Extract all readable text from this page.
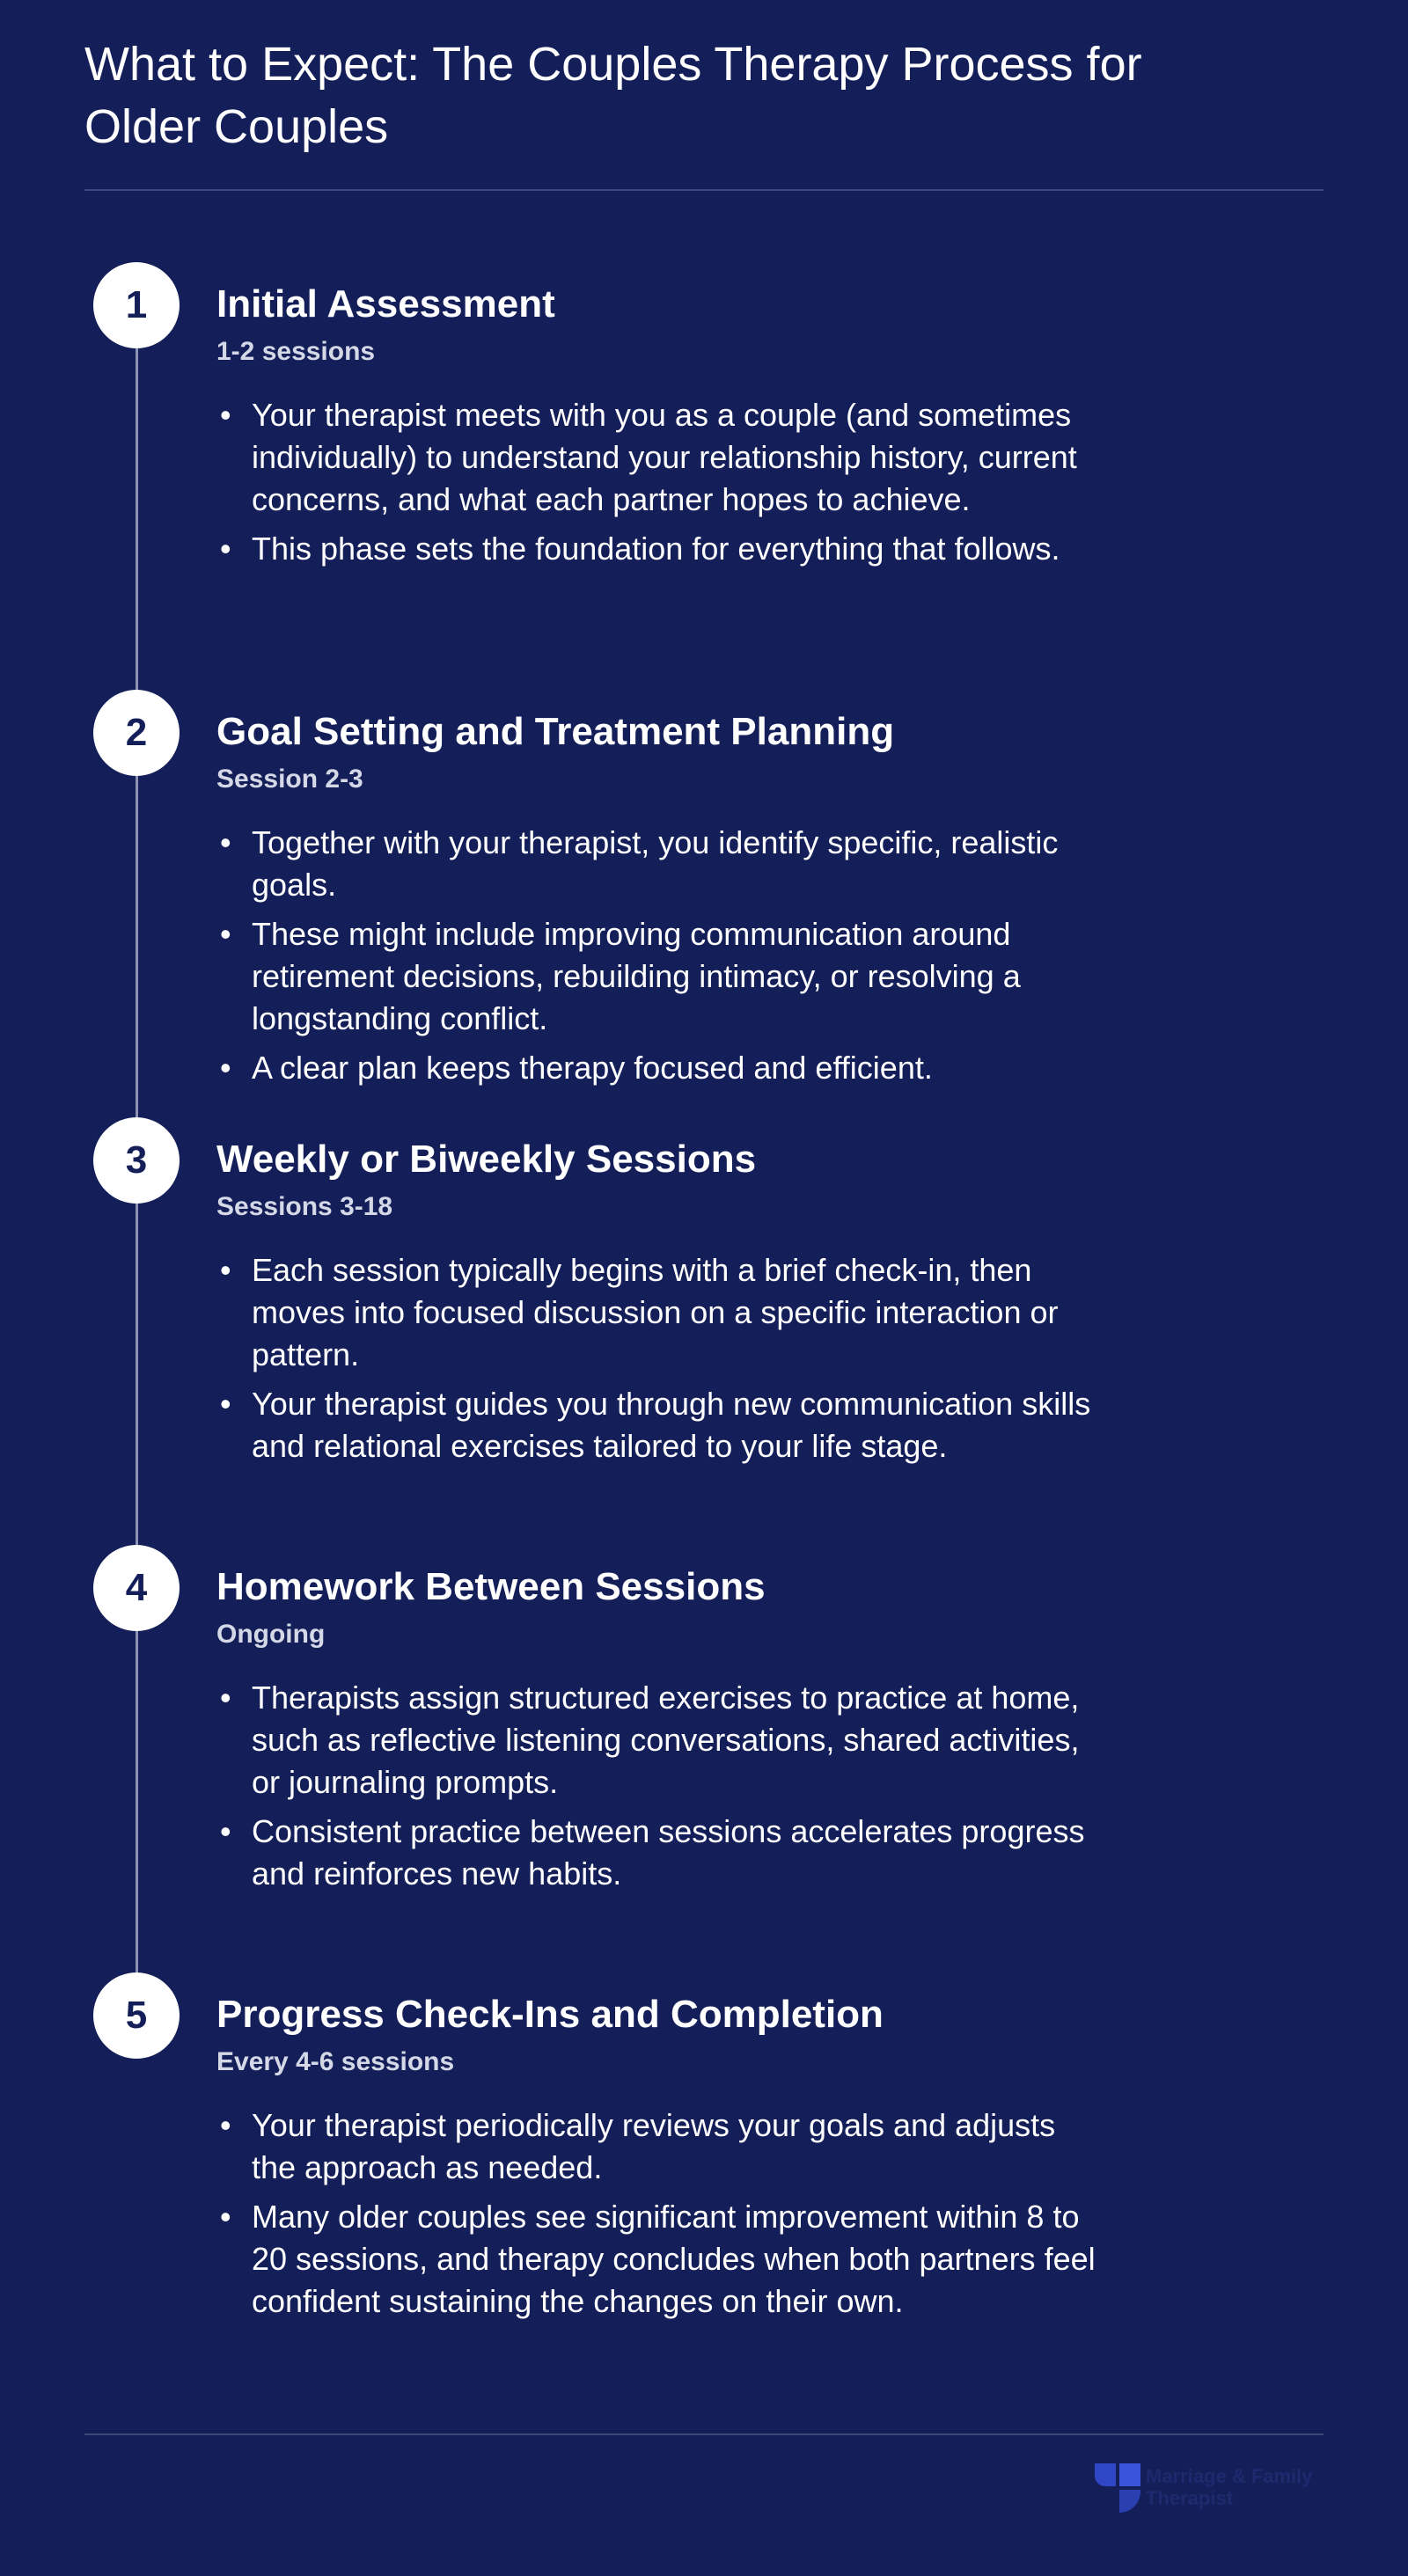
What to Expect: The Couples Therapy Process for Older Couples
1	Initial Assessment
1-2 sessions
• Your therapist meets with you as a couple (and sometimes individually) to understand your relationship history, current concerns, and what each partner hopes to achieve.
• This phase sets the foundation for everything that follows.
2	Goal Setting and Treatment Planning
Session 2-3
• Together with your therapist, you identify specific, realistic goals.
• These might include improving communication around retirement decisions, rebuilding intimacy, or resolving a longstanding conflict.
• A clear plan keeps therapy focused and efficient.
3	Weekly or Biweekly Sessions
Sessions 3-18
• Each session typically begins with a brief check-in, then moves into focused discussion on a specific interaction or pattern.
• Your therapist guides you through new communication skills and relational exercises tailored to your life stage.
4	Homework Between Sessions
Ongoing
• Therapists assign structured exercises to practice at home, such as reflective listening conversations, shared activities, or journaling prompts.
• Consistent practice between sessions accelerates progress and reinforces new habits.
5	Progress Check-Ins and Completion
Every 4-6 sessions
• Your therapist periodically reviews your goals and adjusts the approach as needed.
• Many older couples see significant improvement within 8 to 20 sessions, and therapy concludes when both partners feel confident sustaining the changes on their own.
Marriage & Family
Therapist
